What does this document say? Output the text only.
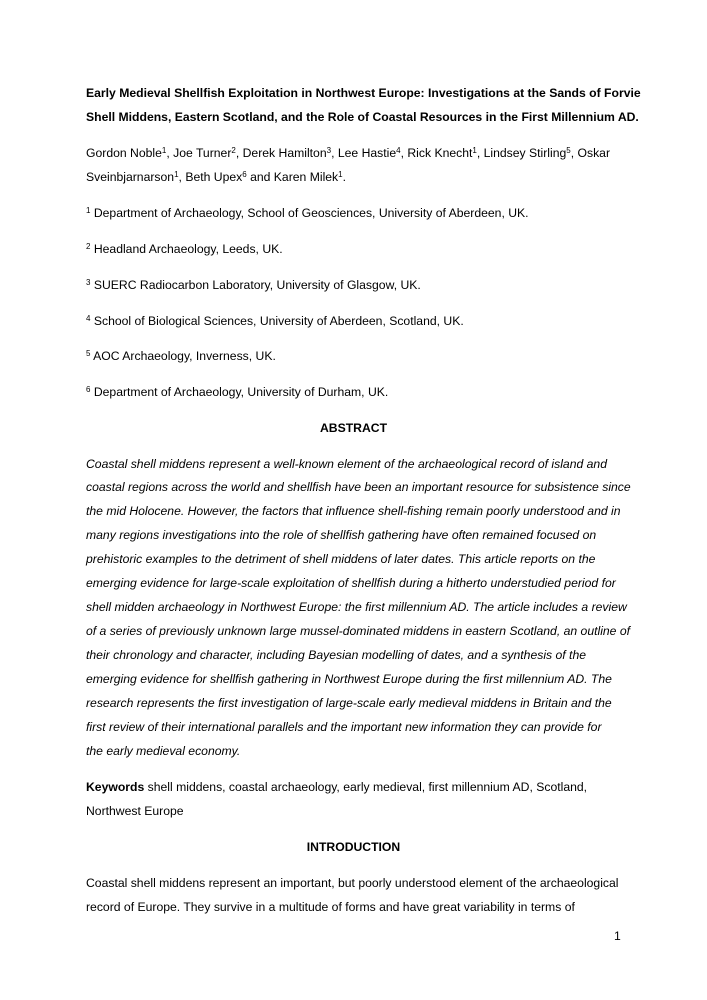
Early Medieval Shellfish Exploitation in Northwest Europe: Investigations at the Sands of Forvie
Shell Middens, Eastern Scotland, and the Role of Coastal Resources in the First Millennium AD.
Gordon Noble$^1$, Joe Turner$^2$, Derek Hamilton$^3$, Lee Hastie$^4$, Rick Knecht$^1$, Lindsey Stirling$^5$, Oskar
Sveinbjarnarson$^1$, Beth Upex$^6$ and Karen Milek$^1$.
$^1$ Department of Archaeology, School of Geosciences, University of Aberdeen, UK.
$^2$ Headland Archaeology, Leeds, UK.
$^3$ SUERC Radiocarbon Laboratory, University of Glasgow, UK.
$^4$ School of Biological Sciences, University of Aberdeen, Scotland, UK.
$^5$ AOC Archaeology, Inverness, UK.
$^6$ Department of Archaeology, University of Durham, UK.
ABSTRACT
Coastal shell middens represent a well-known element of the archaeological record of island and
coastal regions across the world and shellfish have been an important resource for subsistence since
the mid Holocene. However, the factors that influence shell-fishing remain poorly understood and in
many regions investigations into the role of shellfish gathering have often remained focused on
prehistoric examples to the detriment of shell middens of later dates. This article reports on the
emerging evidence for large-scale exploitation of shellfish during a hitherto understudied period for
shell midden archaeology in Northwest Europe: the first millennium AD. The article includes a review
of a series of previously unknown large mussel-dominated middens in eastern Scotland, an outline of
their chronology and character, including Bayesian modelling of dates, and a synthesis of the
emerging evidence for shellfish gathering in Northwest Europe during the first millennium AD. The
research represents the first investigation of large-scale early medieval middens in Britain and the
first review of their international parallels and the important new information they can provide for
the early medieval economy.
Keywords shell middens, coastal archaeology, early medieval, first millennium AD, Scotland,
Northwest Europe
INTRODUCTION
Coastal shell middens represent an important, but poorly understood element of the archaeological
record of Europe. They survive in a multitude of forms and have great variability in terms of
1
